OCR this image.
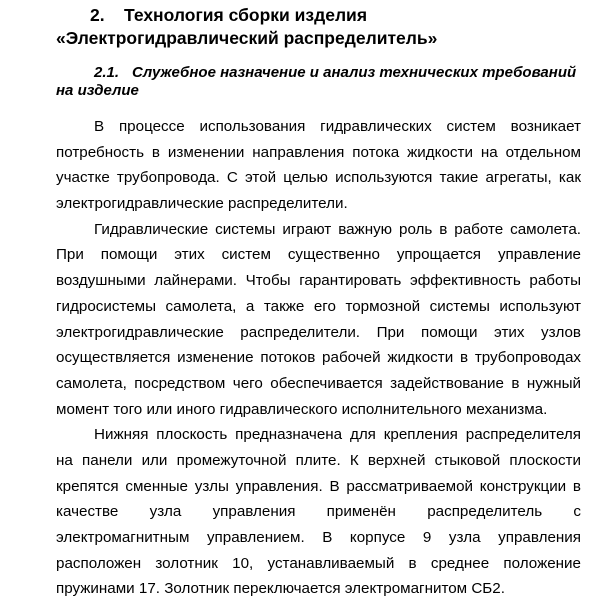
2. Технология сборки изделия
«Электрогидравлический распределитель»
2.1. Служебное назначение и анализ технических требований
на изделие
В процессе использования гидравлических систем возникает
потребность в изменении направления потока жидкости на отдельном
участке трубопровода. С этой целью используются такие агрегаты, как
электрогидравлические распределители.
Гидравлические системы играют важную роль в работе самолета.
При помощи этих систем существенно упрощается управление
воздушными лайнерами. Чтобы гарантировать эффективность работы
гидросистемы самолета, а также его тормозной системы используют
электрогидравлические распределители. При помощи этих узлов
осуществляется изменение потоков рабочей жидкости в трубопроводах
самолета, посредством чего обеспечивается задействование в нужный
момент того или иного гидравлического исполнительного механизма.
Нижняя плоскость предназначена для крепления распределителя
на панели или промежуточной плите. К верхней стыковой плоскости
крепятся сменные узлы управления. В рассматриваемой конструкции в
качестве узла управления применён распределитель с
электромагнитным управлением. В корпусе 9 узла управления
расположен золотник 10, устанавливаемый в среднее положение
пружинами 17. Золотник переключается электромагнитом СБ2.
